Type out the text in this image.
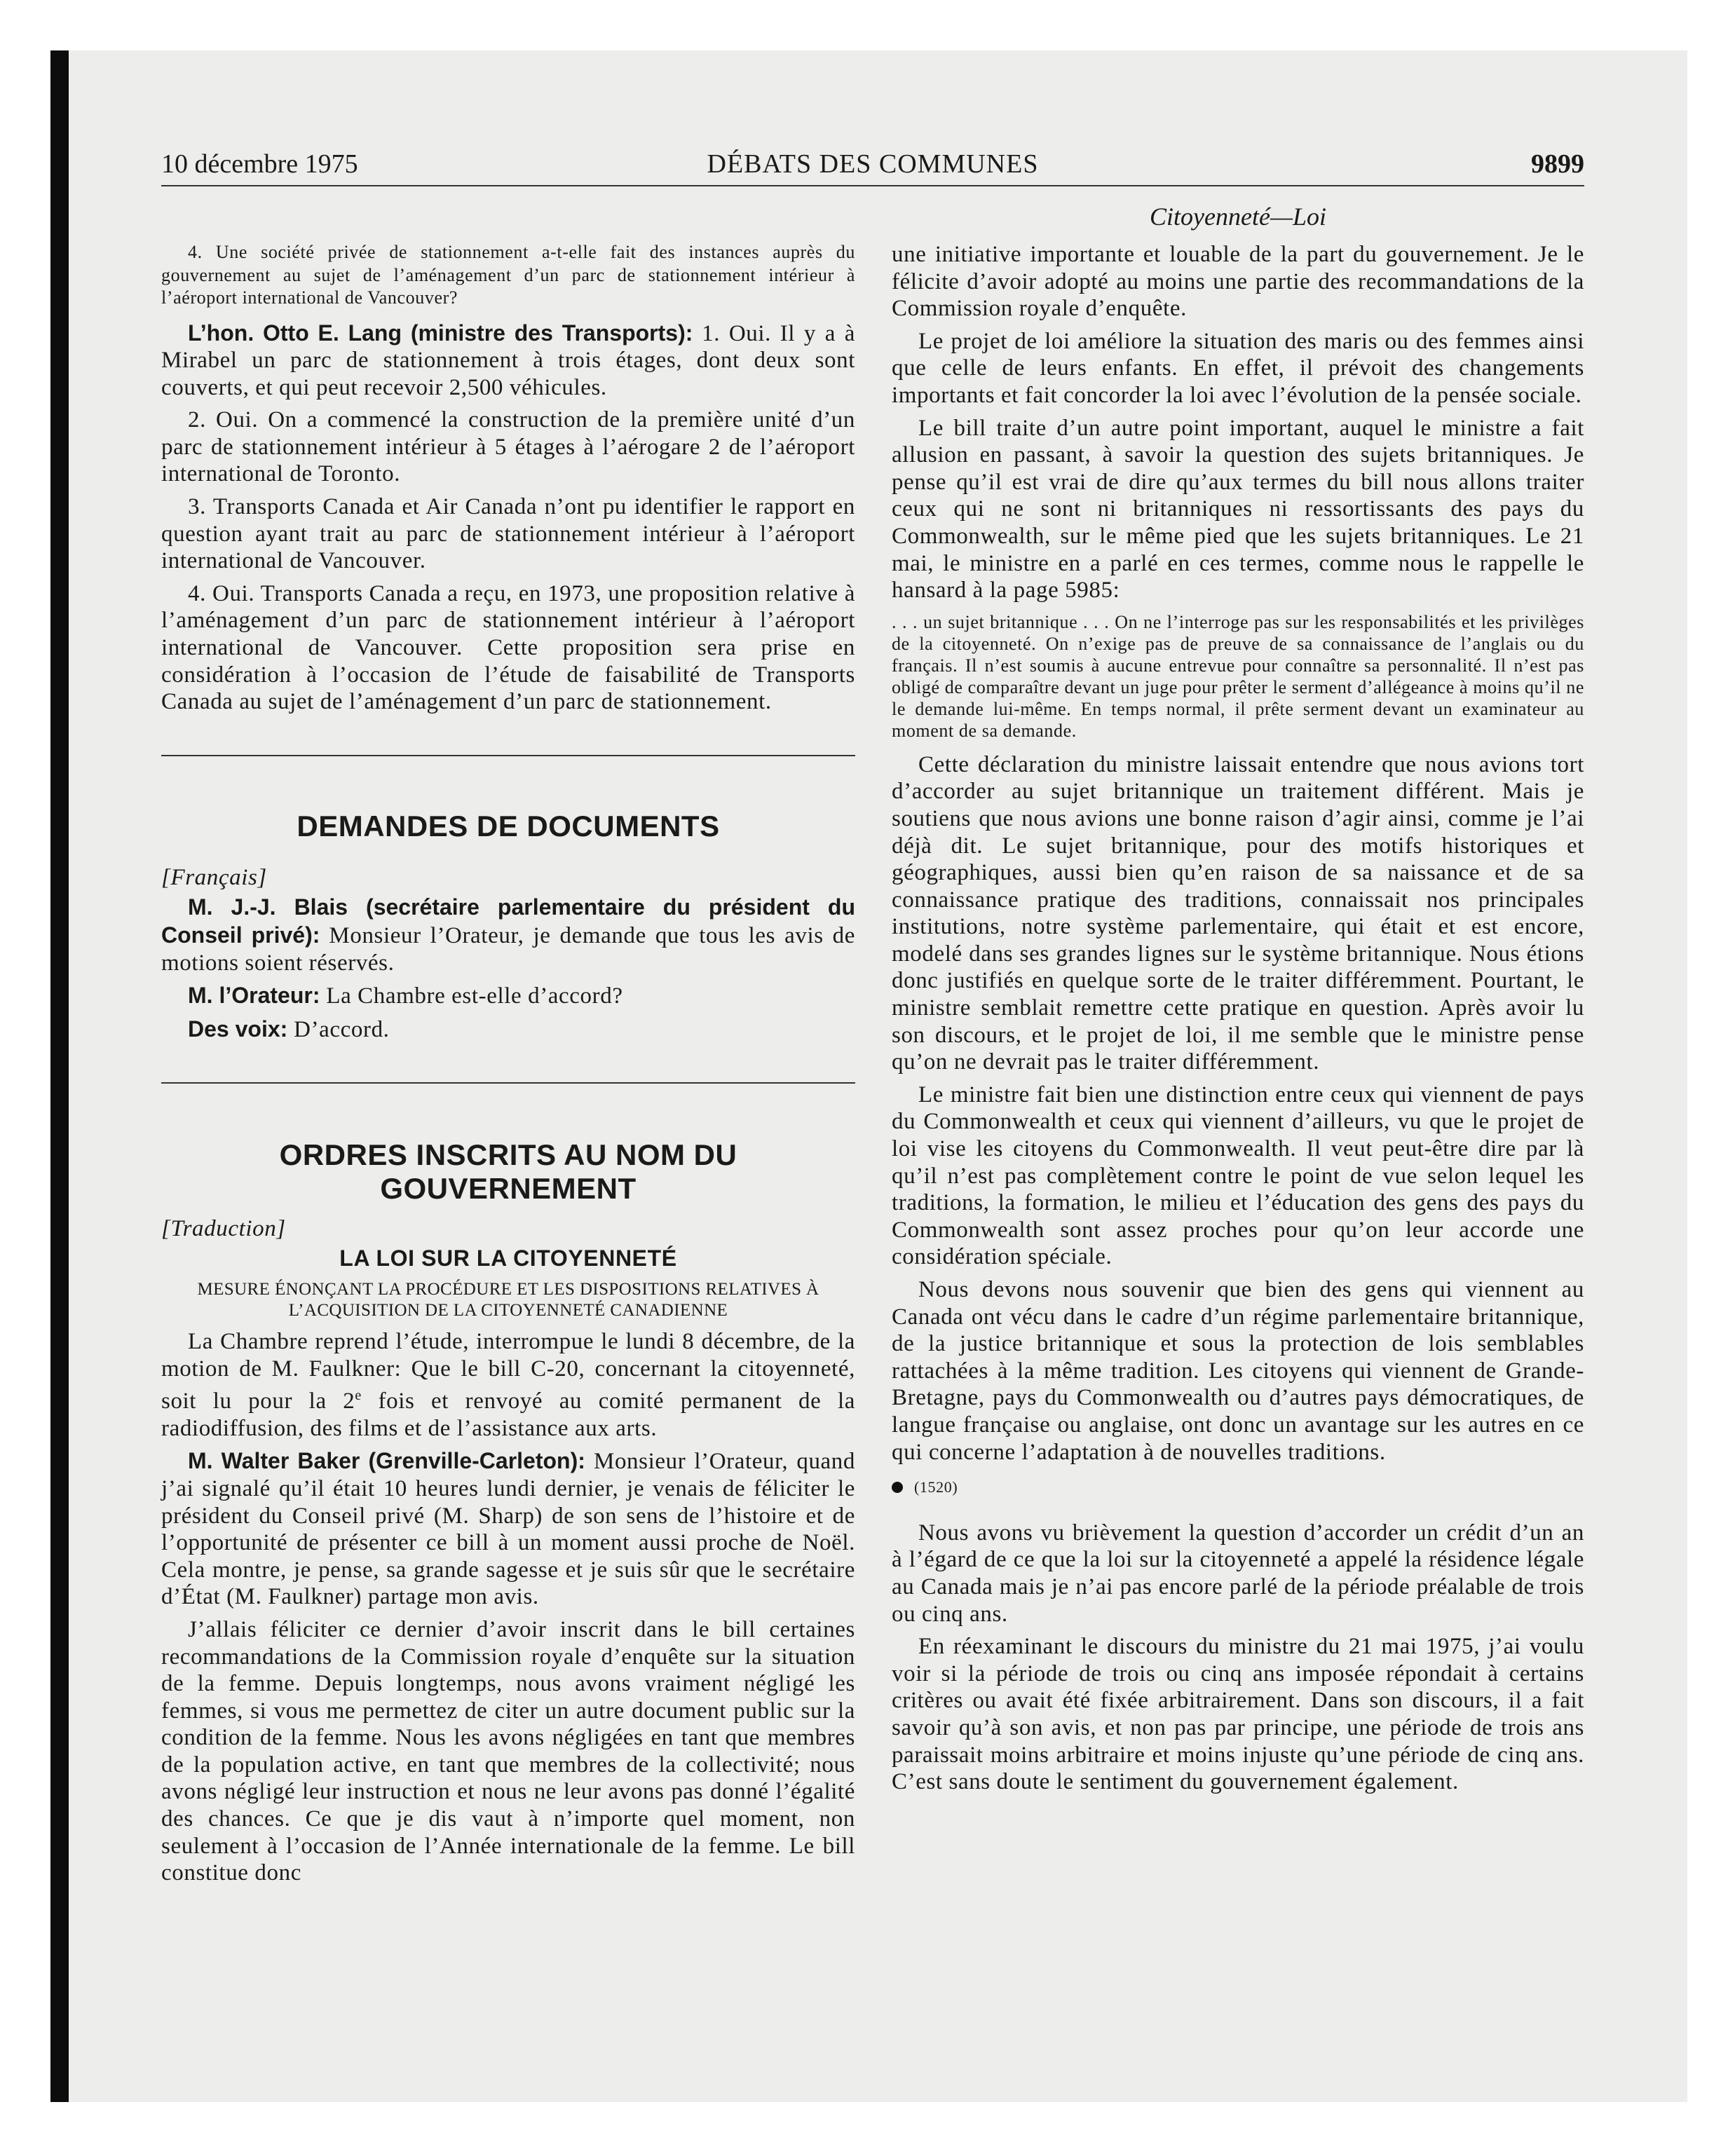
10 décembre 1975	DÉBATS DES COMMUNES	9899
Citoyenneté—Loi

4. Une société privée de stationnement a-t-elle fait des instances auprès du gouvernement au sujet de l’aménagement d’un parc de stationnement intérieur à l’aéroport international de Vancouver?

L’hon. Otto E. Lang (ministre des Transports): 1. Oui. Il y a à Mirabel un parc de stationnement à trois étages, dont deux sont couverts, et qui peut recevoir 2,500 véhicules.

2. Oui. On a commencé la construction de la première unité d’un parc de stationnement intérieur à 5 étages à l’aérogare 2 de l’aéroport international de Toronto.

3. Transports Canada et Air Canada n’ont pu identifier le rapport en question ayant trait au parc de stationnement intérieur à l’aéroport international de Vancouver.

4. Oui. Transports Canada a reçu, en 1973, une proposition relative à l’aménagement d’un parc de stationnement intérieur à l’aéroport international de Vancouver. Cette proposition sera prise en considération à l’occasion de l’étude de faisabilité de Transports Canada au sujet de l’aménagement d’un parc de stationnement.

DEMANDES DE DOCUMENTS

[Français]

M. J.-J. Blais (secrétaire parlementaire du président du Conseil privé): Monsieur l’Orateur, je demande que tous les avis de motions soient réservés.

M. l’Orateur: La Chambre est-elle d’accord?

Des voix: D’accord.

ORDRES INSCRITS AU NOM DU GOUVERNEMENT

[Traduction]

LA LOI SUR LA CITOYENNETÉ
MESURE ÉNONÇANT LA PROCÉDURE ET LES DISPOSITIONS RELATIVES À L’ACQUISITION DE LA CITOYENNETÉ CANADIENNE

La Chambre reprend l’étude, interrompue le lundi 8 décembre, de la motion de M. Faulkner: Que le bill C-20, concernant la citoyenneté, soit lu pour la 2e fois et renvoyé au comité permanent de la radiodiffusion, des films et de l’assistance aux arts.

M. Walter Baker (Grenville-Carleton): Monsieur l’Orateur, quand j’ai signalé qu’il était 10 heures lundi dernier, je venais de féliciter le président du Conseil privé (M. Sharp) de son sens de l’histoire et de l’opportunité de présenter ce bill à un moment aussi proche de Noël. Cela montre, je pense, sa grande sagesse et je suis sûr que le secrétaire d’État (M. Faulkner) partage mon avis.

J’allais féliciter ce dernier d’avoir inscrit dans le bill certaines recommandations de la Commission royale d’enquête sur la situation de la femme. Depuis longtemps, nous avons vraiment négligé les femmes, si vous me permettez de citer un autre document public sur la condition de la femme. Nous les avons négligées en tant que membres de la population active, en tant que membres de la collectivité; nous avons négligé leur instruction et nous ne leur avons pas donné l’égalité des chances. Ce que je dis vaut à n’importe quel moment, non seulement à l’occasion de l’Année internationale de la femme. Le bill constitue donc

une initiative importante et louable de la part du gouvernement. Je le félicite d’avoir adopté au moins une partie des recommandations de la Commission royale d’enquête.

Le projet de loi améliore la situation des maris ou des femmes ainsi que celle de leurs enfants. En effet, il prévoit des changements importants et fait concorder la loi avec l’évolution de la pensée sociale.

Le bill traite d’un autre point important, auquel le ministre a fait allusion en passant, à savoir la question des sujets britanniques. Je pense qu’il est vrai de dire qu’aux termes du bill nous allons traiter ceux qui ne sont ni britanniques ni ressortissants des pays du Commonwealth, sur le même pied que les sujets britanniques. Le 21 mai, le ministre en a parlé en ces termes, comme nous le rappelle le hansard à la page 5985:

. . . un sujet britannique . . . On ne l’interroge pas sur les responsabilités et les privilèges de la citoyenneté. On n’exige pas de preuve de sa connaissance de l’anglais ou du français. Il n’est soumis à aucune entrevue pour connaître sa personnalité. Il n’est pas obligé de comparaître devant un juge pour prêter le serment d’allégeance à moins qu’il ne le demande lui-même. En temps normal, il prête serment devant un examinateur au moment de sa demande.

Cette déclaration du ministre laissait entendre que nous avions tort d’accorder au sujet britannique un traitement différent. Mais je soutiens que nous avions une bonne raison d’agir ainsi, comme je l’ai déjà dit. Le sujet britannique, pour des motifs historiques et géographiques, aussi bien qu’en raison de sa naissance et de sa connaissance pratique des traditions, connaissait nos principales institutions, notre système parlementaire, qui était et est encore, modelé dans ses grandes lignes sur le système britannique. Nous étions donc justifiés en quelque sorte de le traiter différemment. Pourtant, le ministre semblait remettre cette pratique en question. Après avoir lu son discours, et le projet de loi, il me semble que le ministre pense qu’on ne devrait pas le traiter différemment.

Le ministre fait bien une distinction entre ceux qui viennent de pays du Commonwealth et ceux qui viennent d’ailleurs, vu que le projet de loi vise les citoyens du Commonwealth. Il veut peut-être dire par là qu’il n’est pas complètement contre le point de vue selon lequel les traditions, la formation, le milieu et l’éducation des gens des pays du Commonwealth sont assez proches pour qu’on leur accorde une considération spéciale.

Nous devons nous souvenir que bien des gens qui viennent au Canada ont vécu dans le cadre d’un régime parlementaire britannique, de la justice britannique et sous la protection de lois semblables rattachées à la même tradition. Les citoyens qui viennent de Grande-Bretagne, pays du Commonwealth ou d’autres pays démocratiques, de langue française ou anglaise, ont donc un avantage sur les autres en ce qui concerne l’adaptation à de nouvelles traditions.

(1520)

Nous avons vu brièvement la question d’accorder un crédit d’un an à l’égard de ce que la loi sur la citoyenneté a appelé la résidence légale au Canada mais je n’ai pas encore parlé de la période préalable de trois ou cinq ans.

En réexaminant le discours du ministre du 21 mai 1975, j’ai voulu voir si la période de trois ou cinq ans imposée répondait à certains critères ou avait été fixée arbitrairement. Dans son discours, il a fait savoir qu’à son avis, et non pas par principe, une période de trois ans paraissait moins arbitraire et moins injuste qu’une période de cinq ans. C’est sans doute le sentiment du gouvernement également.
